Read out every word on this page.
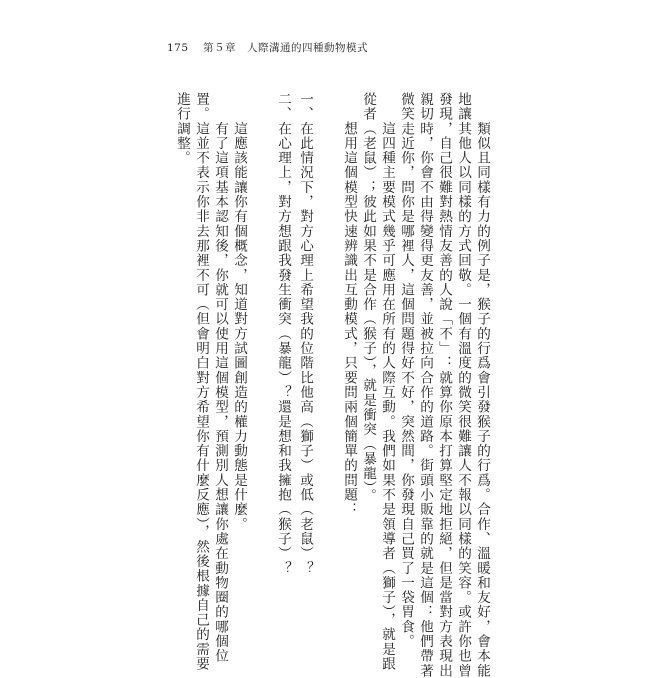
175 第５章　人際溝通的四種動物模式
　　類似且同樣有力的例子是，猴子的行爲會引發猴子的行爲。合作、溫暖和友好，會本能
地讓其他人以同樣的方式回敬。一個有溫度的微笑很難讓人不報以同樣的笑容。或許你也曾
發現，自己很難對熱情友善的人說「不」：就算你原本打算堅定地拒絕，但是當對方表現出
親切時，你會不由得變得更友善，並被拉向合作的道路。街頭小販靠的就是這個：他們帶著
微笑走近你，問你是哪裡人，這個問題得好不好，突然間，你發現自己買了一袋胃食。
　　這四種主要模式幾乎可應用在所有的人際互動。我們如果不是領導者（獅子），就是跟
從者（老鼠）；彼此如果不是合作（猴子），就是衝突（暴龍）。
　　想用這個模型快速辨識出互動模式，只要問兩個簡單的問題：
一、在此情況下，對方心理上希望我的位階比他高（獅子）或低（老鼠）？
二、在心理上，對方想跟我發生衝突（暴龍）？還是想和我擁抱（猴子）？
　　這應該能讓你有個概念，知道對方試圖創造的權力動態是什麼。
　　有了這項基本認知後，你就可以使用這個模型，預測別人想讓你處在動物圈的哪個位
置。這並不表示你非去那裡不可（但會明白對方希望你有什麼反應），然後根據自己的需要
進行調整。
